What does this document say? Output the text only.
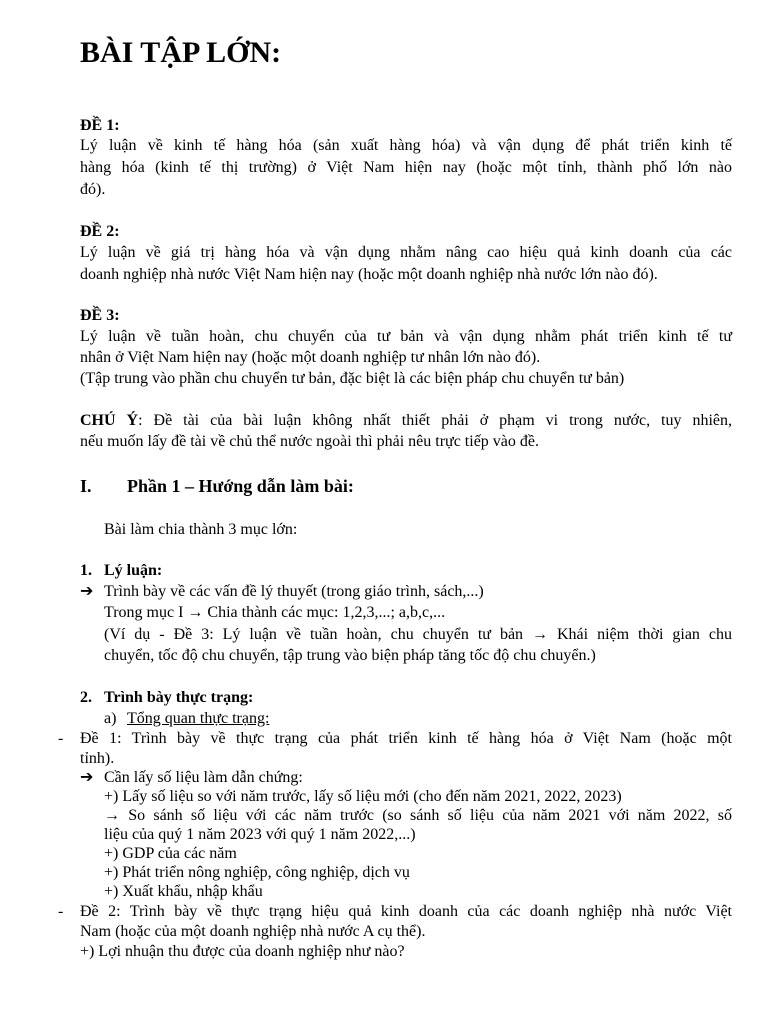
BÀI TẬP LỚN:
ĐỀ 1:
Lý luận về kinh tế hàng hóa (sản xuất hàng hóa) và vận dụng để phát triển kinh tế
hàng hóa (kinh tế thị trường) ở Việt Nam hiện nay (hoặc một tỉnh, thành phố lớn nào
đó).
ĐỀ 2:
Lý luận về giá trị hàng hóa và vận dụng nhằm nâng cao hiệu quả kinh doanh của các
doanh nghiệp nhà nước Việt Nam hiện nay (hoặc một doanh nghiệp nhà nước lớn nào đó).
ĐỀ 3:
Lý luận về tuần hoàn, chu chuyển của tư bản và vận dụng nhằm phát triển kinh tế tư
nhân ở Việt Nam hiện nay (hoặc một doanh nghiệp tư nhân lớn nào đó).
(Tập trung vào phần chu chuyển tư bản, đặc biệt là các biện pháp chu chuyển tư bản)
CHÚ Ý: Đề tài của bài luận không nhất thiết phải ở phạm vi trong nước, tuy nhiên,
nếu muốn lấy đề tài về chủ thể nước ngoài thì phải nêu trực tiếp vào đề.
I. Phần 1 – Hướng dẫn làm bài:
Bài làm chia thành 3 mục lớn:
1. Lý luận:
➔ Trình bày về các vấn đề lý thuyết (trong giáo trình, sách,...)
Trong mục I → Chia thành các mục: 1,2,3,...; a,b,c,...
(Ví dụ - Đề 3: Lý luận về tuần hoàn, chu chuyển tư bản → Khái niệm thời gian chu
chuyển, tốc độ chu chuyển, tập trung vào biện pháp tăng tốc độ chu chuyển.)
2. Trình bày thực trạng:
a) Tổng quan thực trạng:
- Đề 1: Trình bày về thực trạng của phát triển kinh tế hàng hóa ở Việt Nam (hoặc một
tỉnh).
➔ Cần lấy số liệu làm dẫn chứng:
+) Lấy số liệu so với năm trước, lấy số liệu mới (cho đến năm 2021, 2022, 2023)
→ So sánh số liệu với các năm trước (so sánh số liệu của năm 2021 với năm 2022, số
liệu của quý 1 năm 2023 với quý 1 năm 2022,...)
+) GDP của các năm
+) Phát triển nông nghiệp, công nghiệp, dịch vụ
+) Xuất khẩu, nhập khẩu
- Đề 2: Trình bày về thực trạng hiệu quả kinh doanh của các doanh nghiệp nhà nước Việt
Nam (hoặc của một doanh nghiệp nhà nước A cụ thể).
+) Lợi nhuận thu được của doanh nghiệp như nào?
